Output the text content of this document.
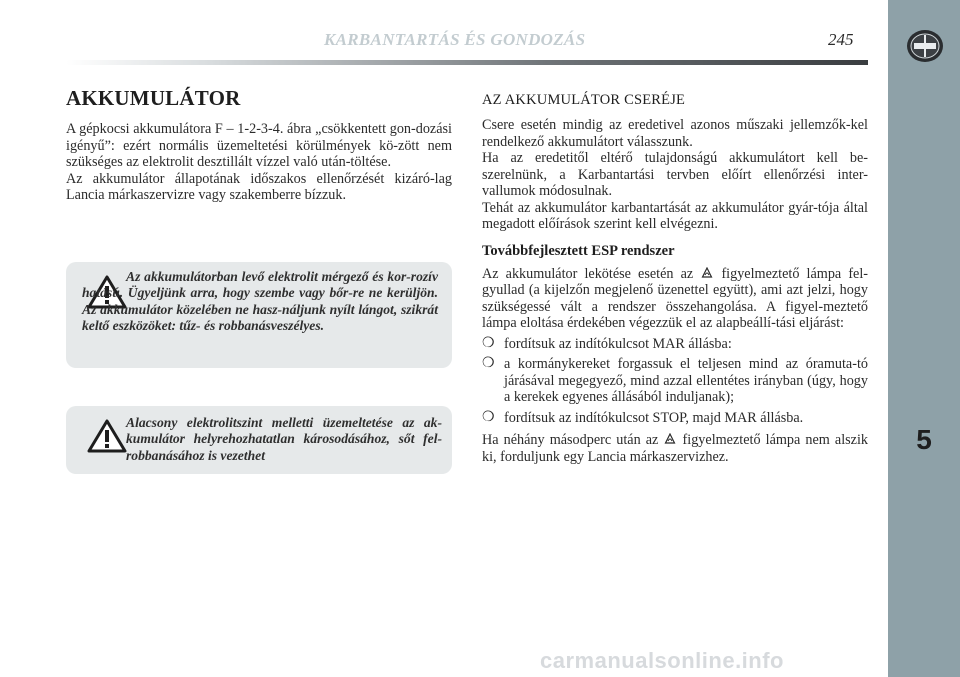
5
KARBANTARTÁS ÉS GONDOZÁS	245
AKKUMULÁTOR

A gépkocsi akkumulátora F – 1-2-3-4. ábra „csökkentett gon-dozási igényű”: ezért normális üzemeltetési körülmények kö-zött nem szükséges az elektrolit desztillált vízzel való után-töltése.

Az akkumulátor állapotának időszakos ellenőrzését kizáró-lag Lancia márkaszervizre vagy szakemberre bízzuk.

Az akkumulátorban levő elektrolit mérgező és kor-rozív hatású. Ügyeljünk arra, hogy szembe vagy bőr-re ne kerüljön. Az akkumulátor közelében ne hasz-náljunk nyílt lángot, szikrát keltő eszközöket: tűz- és robbanásveszélyes.

Alacsony elektrolitszint melletti üzemeltetése az ak-kumulátor helyrehozhatatlan károsodásához, sőt fel-robbanásához is vezethet

AZ AKKUMULÁTOR CSERÉJE

Csere esetén mindig az eredetivel azonos műszaki jellemzők-kel rendelkező akkumulátort válasszunk.

Ha az eredetitől eltérő tulajdonságú akkumulátort kell be-szerelnünk, a Karbantartási tervben előírt ellenőrzési inter-vallumok módosulnak.

Tehát az akkumulátor karbantartását az akkumulátor gyár-tója által megadott előírások szerint kell elvégezni.

Továbbfejlesztett ESP rendszer

Az akkumulátor lekötése esetén az figyelmeztető lámpa fel-gyullad (a kijelzőn megjelenő üzenettel együtt), ami azt jelzi, hogy szükségessé vált a rendszer összehangolása. A figyel-meztető lámpa eloltása érdekében végezzük el az alapbeállí-tási eljárást:

❍ fordítsuk az indítókulcsot MAR állásba:
❍ a kormánykereket forgassuk el teljesen mind az óramuta-tó járásával megegyező, mind azzal ellentétes irányban (úgy, hogy a kerekek egyenes állásából induljanak);
❍ fordítsuk az indítókulcsot STOP, majd MAR állásba.

Ha néhány másodperc után az figyelmeztető lámpa nem alszik ki, forduljunk egy Lancia márkaszervizhez.

carmanualsonline.info
